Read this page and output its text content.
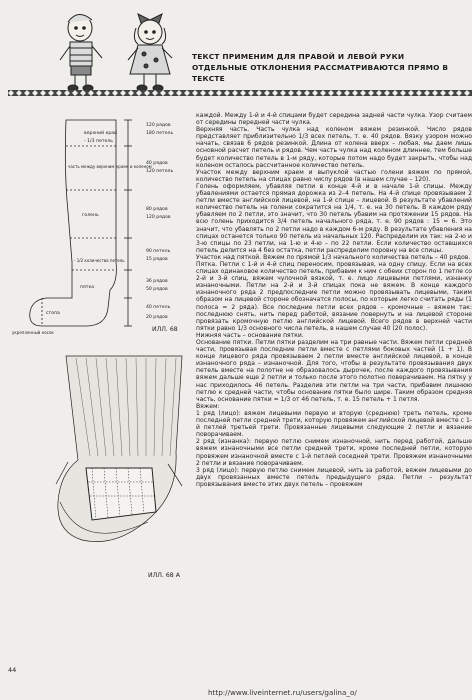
ТЕКСТ ПРИМЕНИМ ДЛЯ ПРАВОЙ И ЛЕВОЙ РУКИ
ОТДЕЛЬНЫЕ ОТКЛОНЕНИЯ РАССМАТРИВАЮТСЯ ПРЯМО В ТЕКСТЕ
верхний край
- 1/3 петель
часть между верхним краем и коленом
голень
- 1/2 количества петель
пятка
стопа
укрепленный носок
120 рядов
180 петель
40 рядов
120 петель
80 рядов
120 рядов
90 петель
15 рядов
36 рядов
50 рядов
40 петель
20 рядов
ИЛЛ. 68
ИЛЛ. 68 А

каждой. Между 1-й и 4-й спицами будет середина задней части чулка. Узор считаем от середины передней части чулка.

Верхняя часть. Часть чулка над коленом вяжем резинкой. Число рядов представляет приблизительно 1/3 всех петель, т. е. 40 рядов. Вязку узором можно начать, связав 6 рядов резинкой. Длина от колена вверх – любая, мы даем лишь основной расчет петель и рядов. Чем часть чулка над коленом длиннее, тем больше будет количество петель в 1-м ряду, которые потом надо будет закрыть, чтобы над коленом осталось рассчитанное количество петель.

Участок между верхним краем и выпуклой частью голени вяжем по прямой, количество петель на спицах равно числу рядов (в нашем случае – 120).

Голень оформляем, убавляя петли в конце 4-й и в начале 1-й спицы. Между убавлениями остается прямая дорожка из 2–4 петель. На 4-й спице провязываем 2 петли вместе английской лицевой, на 1-й спице – лицевой. В результате убавлений количество петель на голени сократится на 1/4, т. е. на 30 петель. В каждом ряду убавляем по 2 петли, это значит, что 30 петель убавим на протяжении 15 рядов. На всю голень приходится 3/4 петель начального ряда, т. е. 90 рядов : 15 = 6. Это значит, что убавлять по 2 петли надо в каждом 6-м ряду. В результате убавления на спицах останется только 90 петель из начальных 120. Распределим их так: на 2-ю и 3-ю спицы по 23 петли, на 1-ю и 4-ю – по 22 петли. Если количество оставшихся петель делится на 4 без остатка, петли распределим поровну на все спицы.

Участок над пяткой. Вяжем по прямой 1/3 начального количества петель – 40 рядов.

Пятка. Петли с 1-й и 4-й спиц переносим, провязывая, на одну спицу. Если на всех спицах одинаковое количество петель, прибавим к ним с обеих сторон по 1 петле со 2-й и 3-й спиц, вяжем чулочной вязкой, т. е. лицо лицевыми петлями, изнанку изнаночными. Петли на 2-й и 3-й спицах пока не вяжем. В конце каждого изнаночного ряда 2 предпоследние петли можно провязывать лицевыми, таким образом на лицевой стороне обозначатся полосы, по которым легко считать ряды (1 полоса = 2 ряда). Все последние петли всех рядов – кромочные – вяжем так: последнюю снять, нить перед работой, вязание повернуть и на лицевой стороне провязать кромочную петлю английской лицевой. Всего рядов в верхней части пятки равно 1/3 основного числа петель, в нашем случае 40 (20 полос).

Нижняя часть – основание пятки.

Основание пятки. Петли пятки разделим на три равные части. Вяжем петли средней части, провязывая последние петли вместе с петлями боковых частей (1 + 1). В конце лицевого ряда провязываем 2 петли вместе английской лицевой, в конце изнаночного ряда – изнаночной. Для того, чтобы в результате провязывания двух петель вместе на полотне не образовалось дырочек, после каждого провязывания вяжем дальше еще 2 петли и только после этого полотно поверачиваем. На пятку у нас приходилось 46 петель. Разделив эти петли на три части, прибавим лишнюю петлю к средней части, чтобы основание пятки было шире. Таким образом средняя часть, основание пятки = 1/3 от 46 петель, т. е. 15 петель + 1 петля.

Вяжем:

1 ряд (лицо): вяжем лицевыми первую и вторую (среднюю) треть петель, кроме последней петли средней трети, которую провяжем английской лицевой вместе с 1-й петлей третьей трети. Провязанные лицевыми следующие 2 петли и вязание поворачиваем.

2 ряд (изнанка): первую петлю снимем изнаночной, нить перед работой, дальше вяжем изнаночными все петли средней трети, кроме последней петли, которую провяжем изнаночной вместе с 1-й петлей соседней трети. Провяжем изнаночными 2 петли и вязание поворачиваем.

3 ряд (лицо): первую петлю снимем лицевой, нить за работой, вяжем лицевыми до двух провязанных вместе петель предыдущего ряда. Петли – результат провязывания вместе этих двух петель – провяжем

44
http://www.liveinternet.ru/users/galina_o/
